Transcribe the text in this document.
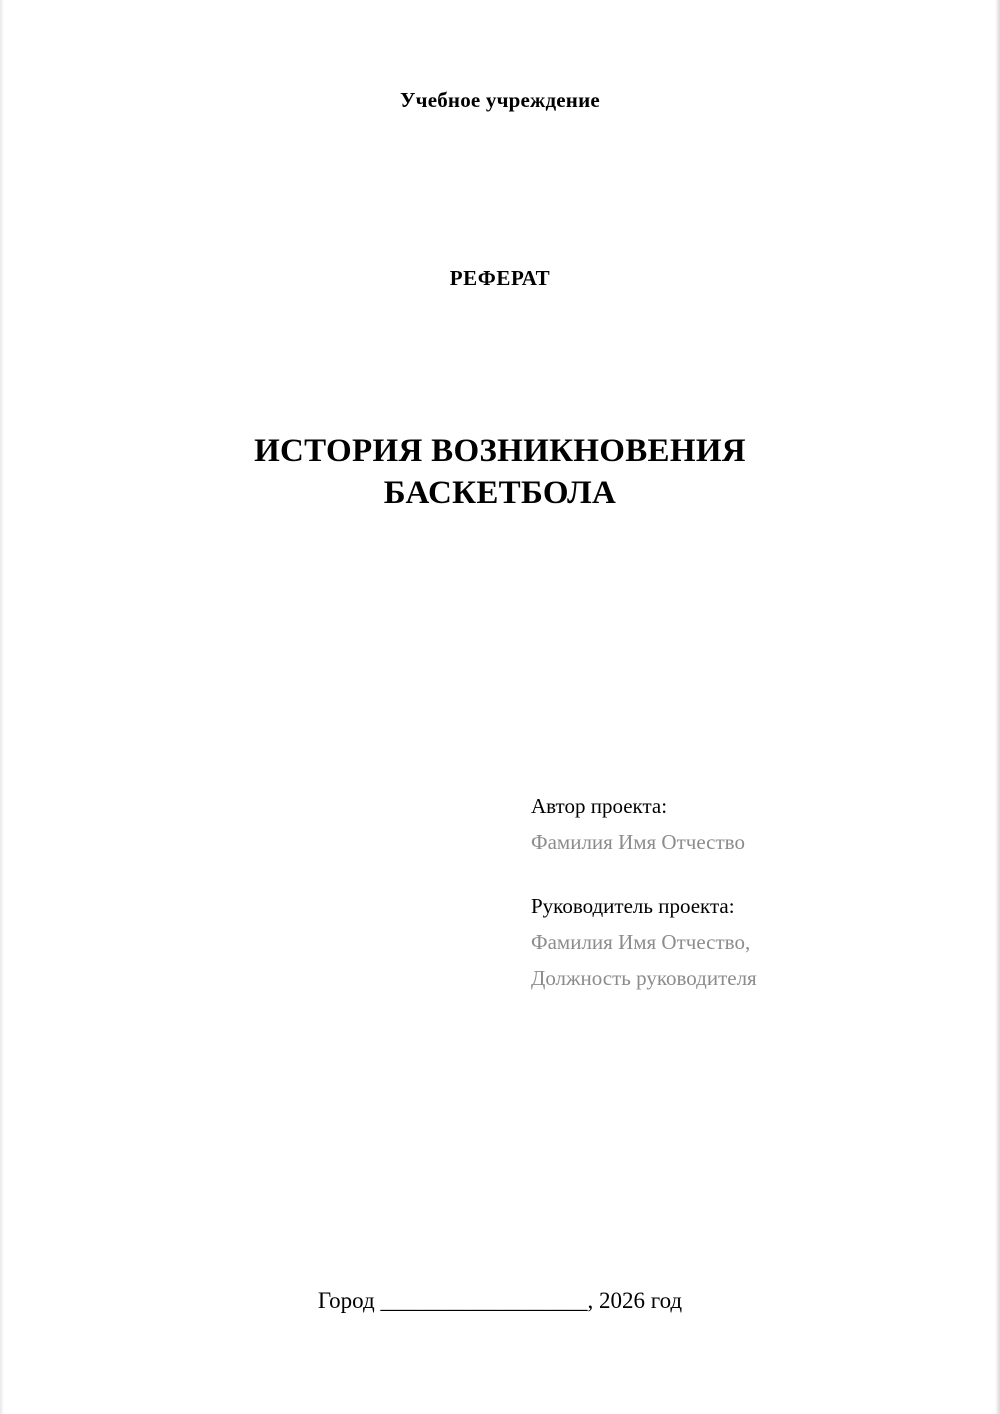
Учебное учреждение
РЕФЕРАТ
ИСТОРИЯ ВОЗНИКНОВЕНИЯ
БАСКЕТБОЛА
Автор проекта:
Фамилия Имя Отчество
Руководитель проекта:
Фамилия Имя Отчество,
Должность руководителя
Город __________________, 2026 год
